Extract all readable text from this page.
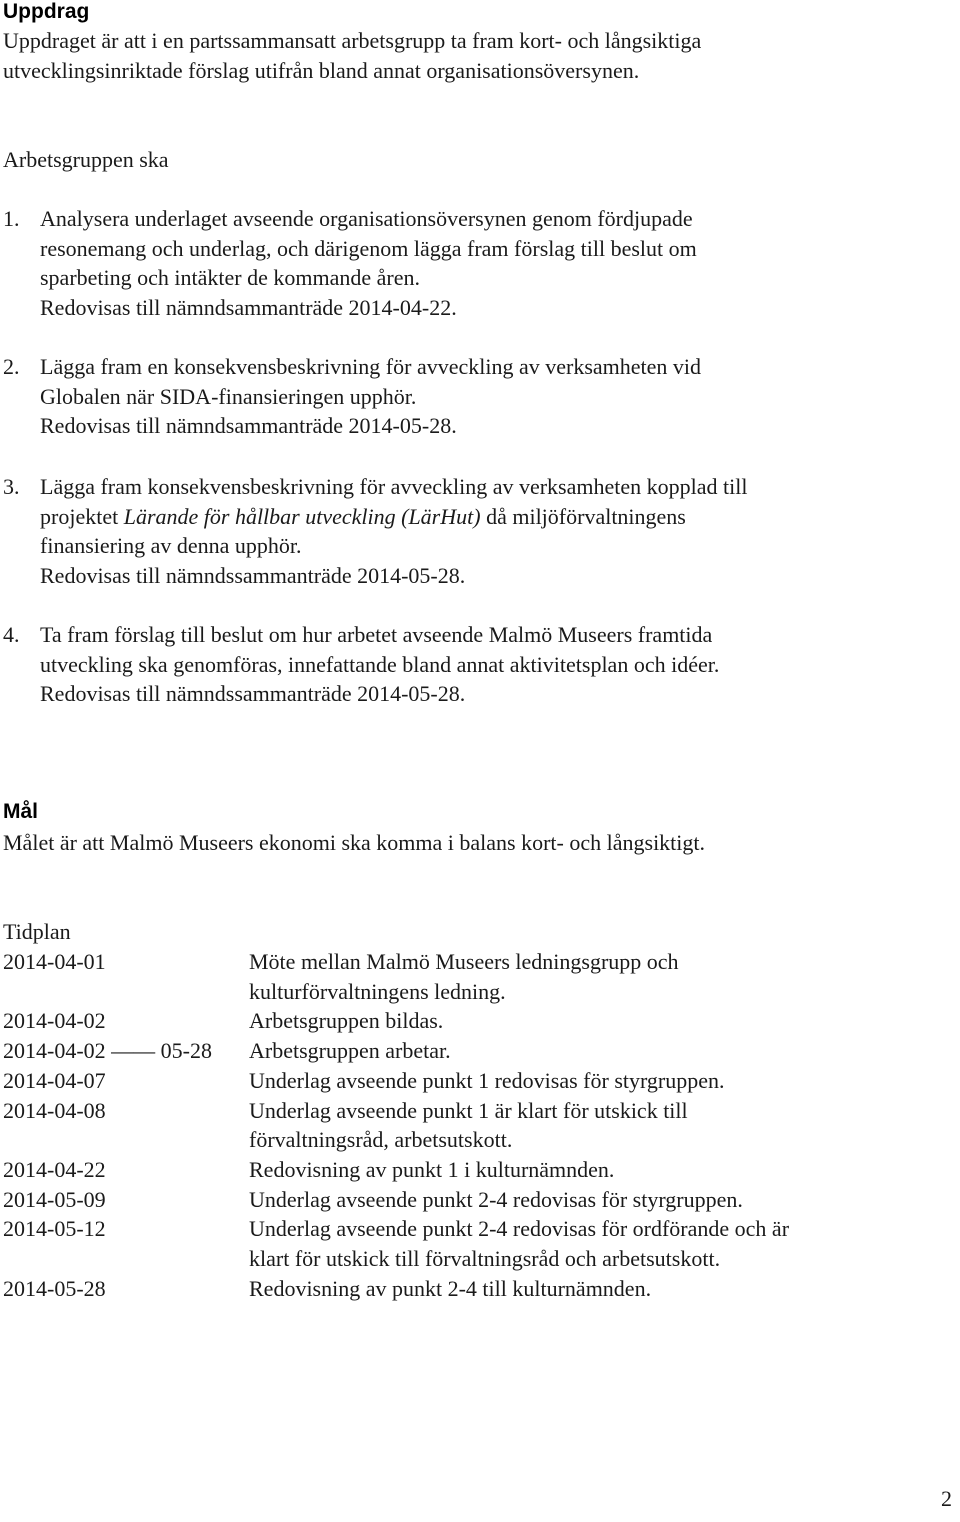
Uppdrag
Uppdraget är att i en partssammansatt arbetsgrupp ta fram kort- och långsiktiga utvecklingsinriktade förslag utifrån bland annat organisationsöversynen.
Arbetsgruppen ska
1. Analysera underlaget avseende organisationsöversynen genom fördjupade resonemang och underlag, och därigenom lägga fram förslag till beslut om sparbeting och intäkter de kommande åren.
Redovisas till nämndsammanträde 2014-04-22.
2. Lägga fram en konsekvensbeskrivning för avveckling av verksamheten vid Globalen när SIDA-finansieringen upphör.
Redovisas till nämndsammanträde 2014-05-28.
3. Lägga fram konsekvensbeskrivning för avveckling av verksamheten kopplad till projektet Lärande för hållbar utveckling (LärHut) då miljöförvaltningens finansiering av denna upphör.
Redovisas till nämndssammanträde 2014-05-28.
4. Ta fram förslag till beslut om hur arbetet avseende Malmö Museers framtida utveckling ska genomföras, innefattande bland annat aktivitetsplan och idéer.
Redovisas till nämndssammanträde 2014-05-28.
Mål
Målet är att Malmö Museers ekonomi ska komma i balans kort- och långsiktigt.
Tidplan
2014-04-01	Möte mellan Malmö Museers ledningsgrupp och kulturförvaltningens ledning.
2014-04-02	Arbetsgruppen bildas.
2014-04-02 —— 05-28	Arbetsgruppen arbetar.
2014-04-07	Underlag avseende punkt 1 redovisas för styrgruppen.
2014-04-08	Underlag avseende punkt 1 är klart för utskick till förvaltningsråd, arbetsutskott.
2014-04-22	Redovisning av punkt 1 i kulturnämnden.
2014-05-09	Underlag avseende punkt 2-4 redovisas för styrgruppen.
2014-05-12	Underlag avseende punkt 2-4 redovisas för ordförande och är klart för utskick till förvaltningsråd och arbetsutskott.
2014-05-28	Redovisning av punkt 2-4 till kulturnämnden.
2
